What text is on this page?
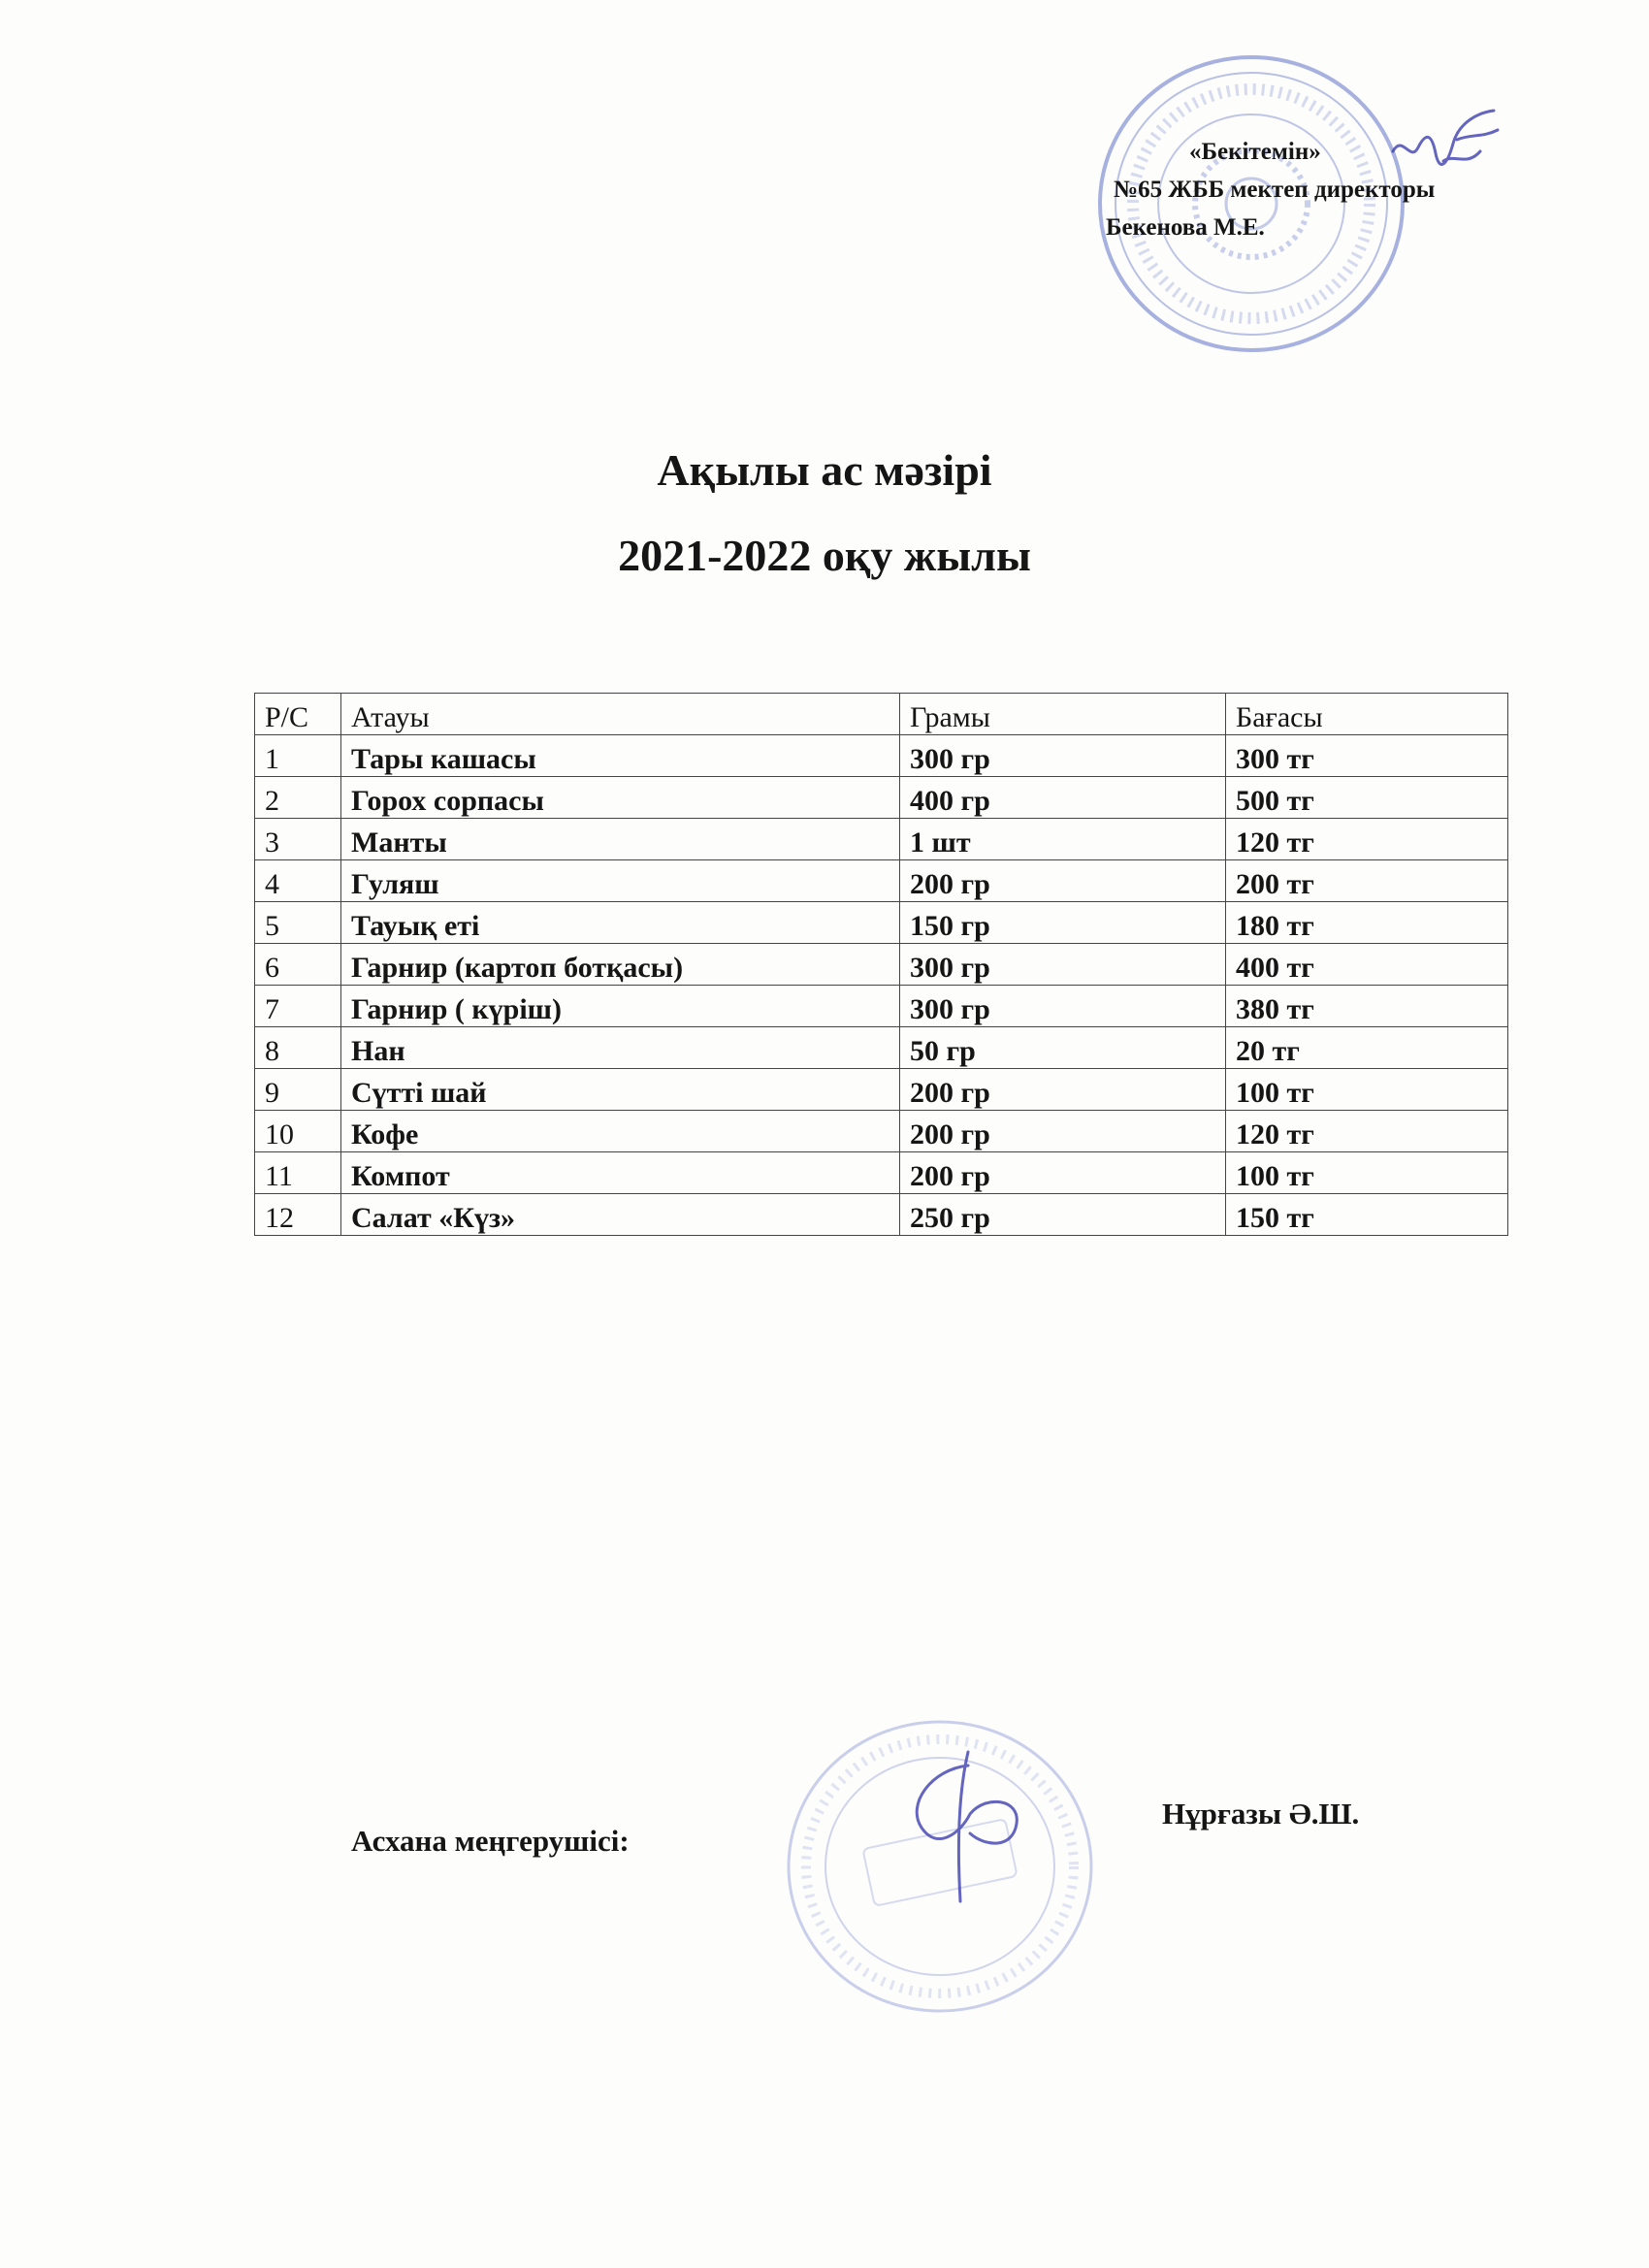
«Бекітемін»
№65 ЖББ мектеп директоры
Бекенова М.Е.
Ақылы ас мәзірі
2021-2022 оқу жылы
Р/С	Атауы	Грамы	Бағасы
1	Тары кашасы	300 гр	300 тг
2	Горох сорпасы	400 гр	500 тг
3	Манты	1 шт	120 тг
4	Гуляш	200 гр	200 тг
5	Тауық еті	150 гр	180 тг
6	Гарнир (картоп ботқасы)	300 гр	400 тг
7	Гарнир ( күріш)	300 гр	380 тг
8	Нан	50 гр	20 тг
9	Сүтті шай	200 гр	100 тг
10	Кофе	200 гр	120 тг
11	Компот	200 гр	100 тг
12	Салат «Күз»	250 гр	150 тг
Асхана меңгерушісі:
Нұрғазы Ә.Ш.
